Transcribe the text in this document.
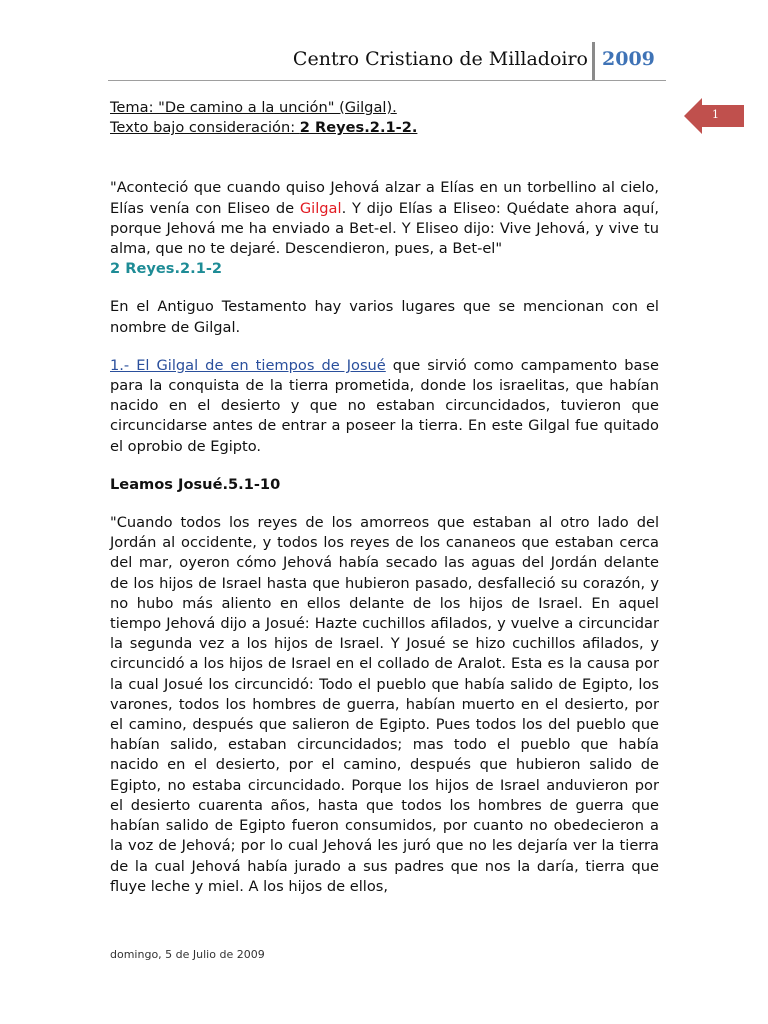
Centro Cristiano de Milladoiro 2009
1

Tema: "De camino a la unción" (Gilgal).

Texto bajo consideración: 2 Reyes.2.1-2.

"Aconteció que cuando quiso Jehová alzar a Elías en un torbellino al cielo, Elías venía con Eliseo de Gilgal. Y dijo Elías a Eliseo: Quédate ahora aquí, porque Jehová me ha enviado a Bet-el. Y Eliseo dijo: Vive Jehová, y vive tu alma, que no te dejaré. Descendieron, pues, a Bet-el"

2 Reyes.2.1-2

En el Antiguo Testamento hay varios lugares que se mencionan con el nombre de Gilgal.

1.- El Gilgal de en tiempos de Josué que sirvió como campamento base para la conquista de la tierra prometida, donde los israelitas, que habían nacido en el desierto y que no estaban circuncidados, tuvieron que circuncidarse antes de entrar a poseer la tierra. En este Gilgal fue quitado el oprobio de Egipto.

Leamos Josué.5.1-10

"Cuando todos los reyes de los amorreos que estaban al otro lado del Jordán al occidente, y todos los reyes de los cananeos que estaban cerca del mar, oyeron cómo Jehová había secado las aguas del Jordán delante de los hijos de Israel hasta que hubieron pasado, desfalleció su corazón, y no hubo más aliento en ellos delante de los hijos de Israel. En aquel tiempo Jehová dijo a Josué: Hazte cuchillos afilados, y vuelve a circuncidar la segunda vez a los hijos de Israel. Y Josué se hizo cuchillos afilados, y circuncidó a los hijos de Israel en el collado de Aralot. Esta es la causa por la cual Josué los circuncidó: Todo el pueblo que había salido de Egipto, los varones, todos los hombres de guerra, habían muerto en el desierto, por el camino, después que salieron de Egipto. Pues todos los del pueblo que habían salido, estaban circuncidados; mas todo el pueblo que había nacido en el desierto, por el camino, después que hubieron salido de Egipto, no estaba circuncidado. Porque los hijos de Israel anduvieron por el desierto cuarenta años, hasta que todos los hombres de guerra que habían salido de Egipto fueron consumidos, por cuanto no obedecieron a la voz de Jehová; por lo cual Jehová les juró que no les dejaría ver la tierra de la cual Jehová había jurado a sus padres que nos la daría, tierra que fluye leche y miel. A los hijos de ellos,

domingo, 5 de Julio de 2009
